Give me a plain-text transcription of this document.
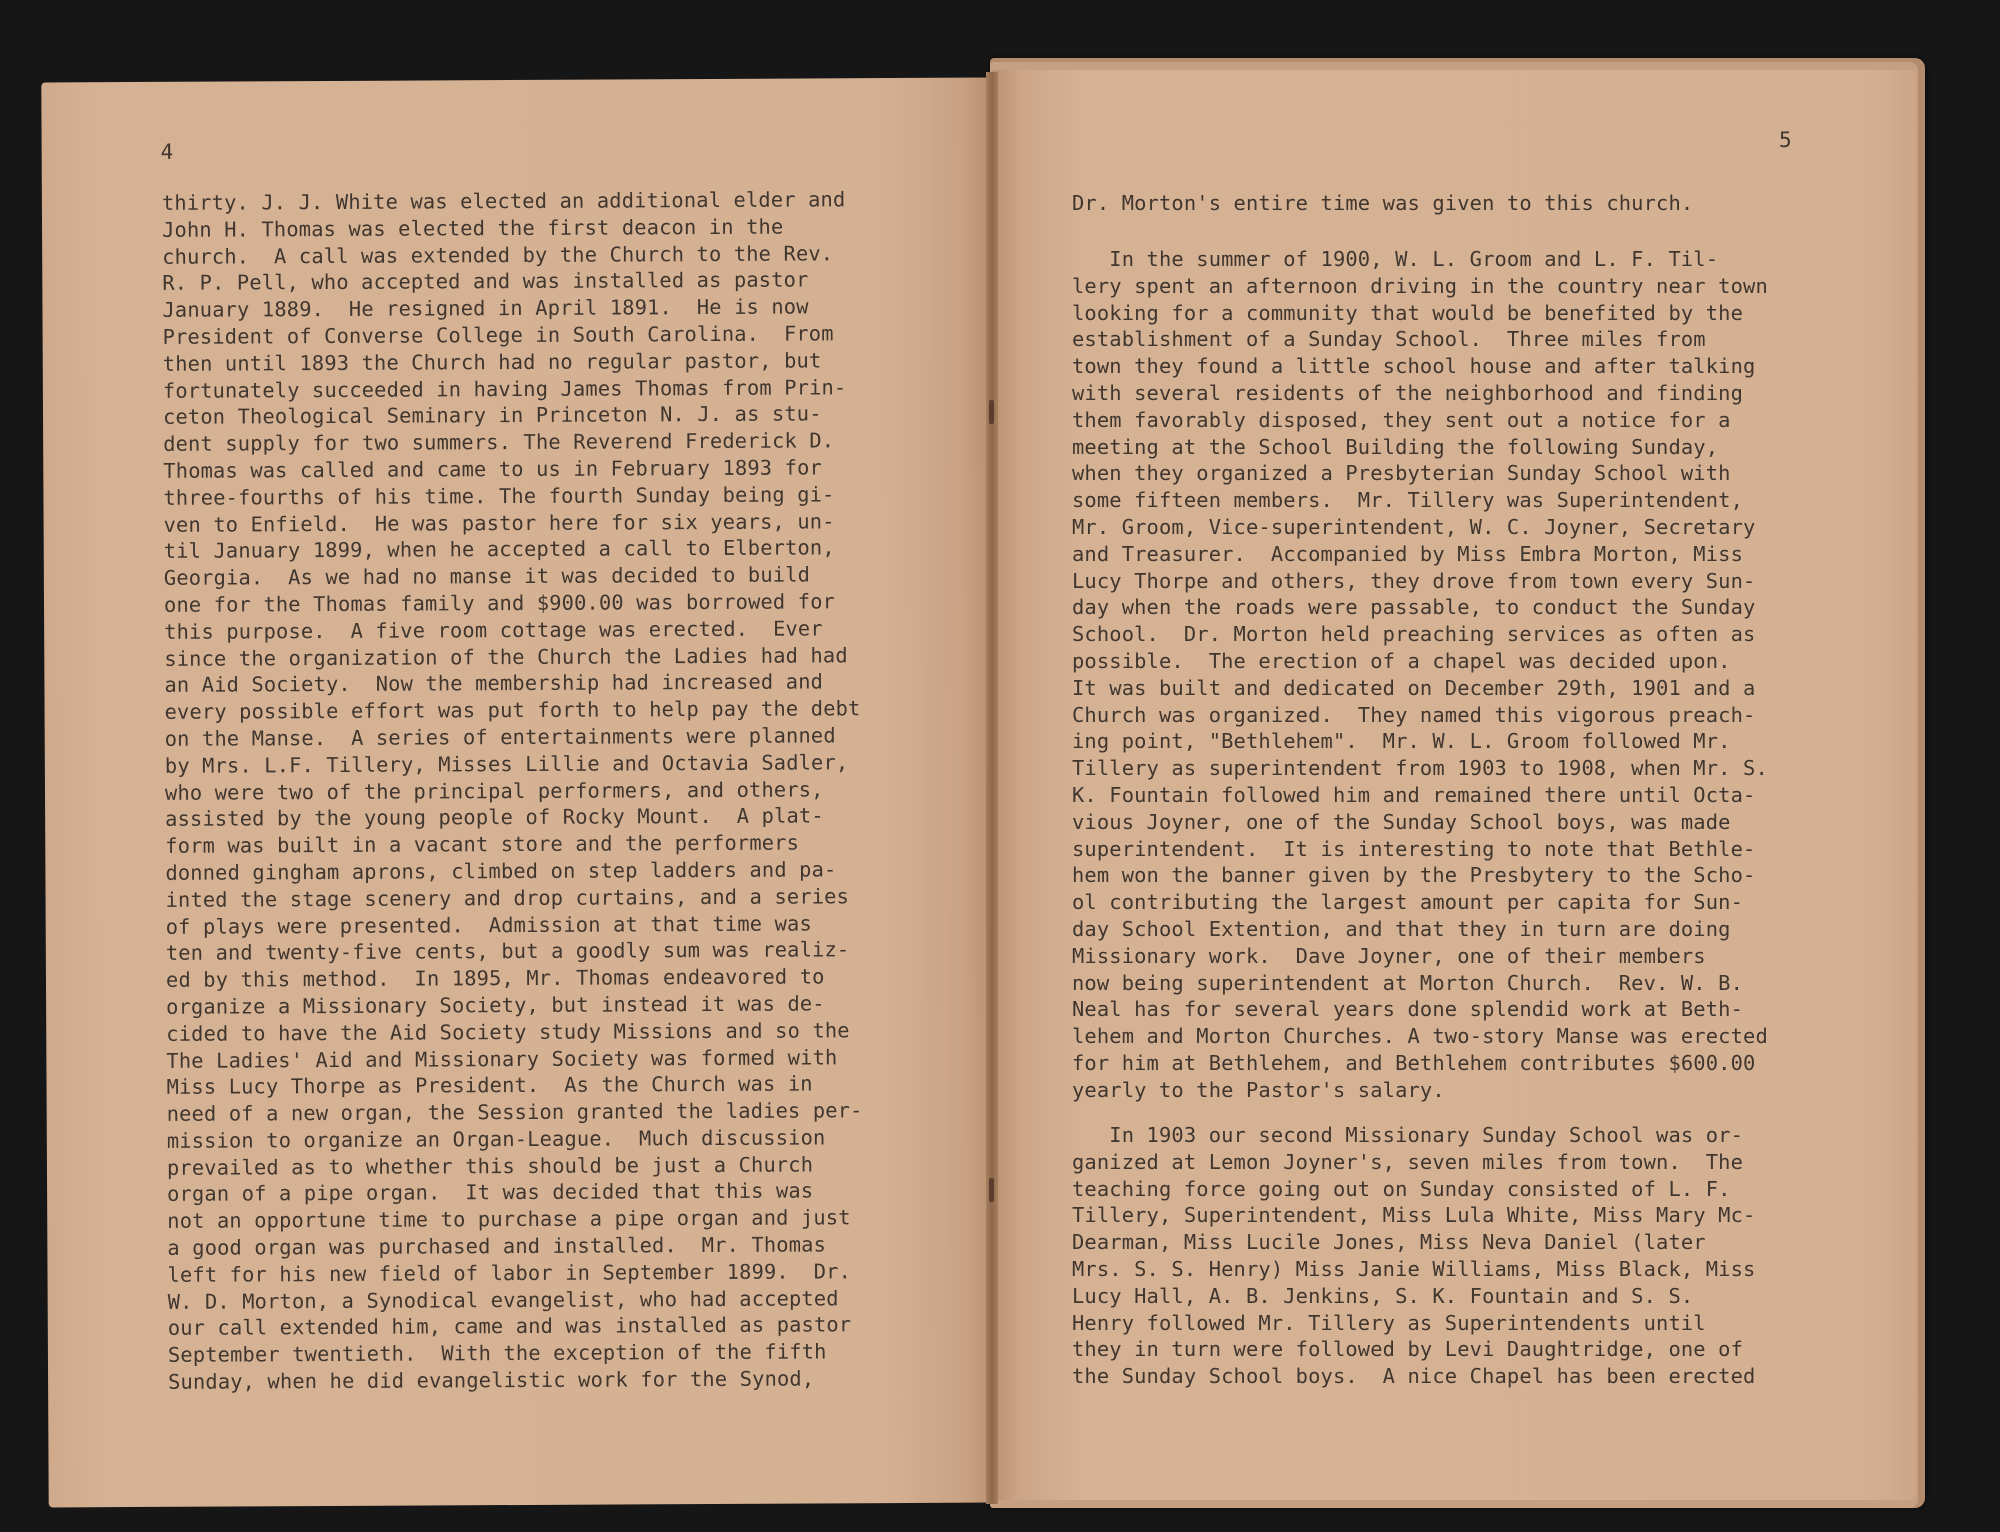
4
thirty. J. J. White was elected an additional elder and
John H. Thomas was elected the first deacon in the
church.  A call was extended by the Church to the Rev.
R. P. Pell, who accepted and was installed as pastor
January 1889.  He resigned in April 1891.  He is now
President of Converse College in South Carolina.  From
then until 1893 the Church had no regular pastor, but
fortunately succeeded in having James Thomas from Prin-
ceton Theological Seminary in Princeton N. J. as stu-
dent supply for two summers. The Reverend Frederick D.
Thomas was called and came to us in February 1893 for
three-fourths of his time. The fourth Sunday being gi-
ven to Enfield.  He was pastor here for six years, un-
til January 1899, when he accepted a call to Elberton,
Georgia.  As we had no manse it was decided to build
one for the Thomas family and $900.00 was borrowed for
this purpose.  A five room cottage was erected.  Ever
since the organization of the Church the Ladies had had
an Aid Society.  Now the membership had increased and
every possible effort was put forth to help pay the debt
on the Manse.  A series of entertainments were planned
by Mrs. L.F. Tillery, Misses Lillie and Octavia Sadler,
who were two of the principal performers, and others,
assisted by the young people of Rocky Mount.  A plat-
form was built in a vacant store and the performers
donned gingham aprons, climbed on step ladders and pa-
inted the stage scenery and drop curtains, and a series
of plays were presented.  Admission at that time was
ten and twenty-five cents, but a goodly sum was realiz-
ed by this method.  In 1895, Mr. Thomas endeavored to
organize a Missionary Society, but instead it was de-
cided to have the Aid Society study Missions and so the
The Ladies' Aid and Missionary Society was formed with
Miss Lucy Thorpe as President.  As the Church was in
need of a new organ, the Session granted the ladies per-
mission to organize an Organ-League.  Much discussion
prevailed as to whether this should be just a Church
organ of a pipe organ.  It was decided that this was
not an opportune time to purchase a pipe organ and just
a good organ was purchased and installed.  Mr. Thomas
left for his new field of labor in September 1899.  Dr.
W. D. Morton, a Synodical evangelist, who had accepted
our call extended him, came and was installed as pastor
September twentieth.  With the exception of the fifth
Sunday, when he did evangelistic work for the Synod,
5
Dr. Morton's entire time was given to this church.
In the summer of 1900, W. L. Groom and L. F. Til-
lery spent an afternoon driving in the country near town
looking for a community that would be benefited by the
establishment of a Sunday School.  Three miles from
town they found a little school house and after talking
with several residents of the neighborhood and finding
them favorably disposed, they sent out a notice for a
meeting at the School Building the following Sunday,
when they organized a Presbyterian Sunday School with
some fifteen members.  Mr. Tillery was Superintendent,
Mr. Groom, Vice-superintendent, W. C. Joyner, Secretary
and Treasurer.  Accompanied by Miss Embra Morton, Miss
Lucy Thorpe and others, they drove from town every Sun-
day when the roads were passable, to conduct the Sunday
School.  Dr. Morton held preaching services as often as
possible.  The erection of a chapel was decided upon.
It was built and dedicated on December 29th, 1901 and a
Church was organized.  They named this vigorous preach-
ing point, "Bethlehem".  Mr. W. L. Groom followed Mr.
Tillery as superintendent from 1903 to 1908, when Mr. S.
K. Fountain followed him and remained there until Octa-
vious Joyner, one of the Sunday School boys, was made
superintendent.  It is interesting to note that Bethle-
hem won the banner given by the Presbytery to the Scho-
ol contributing the largest amount per capita for Sun-
day School Extention, and that they in turn are doing
Missionary work.  Dave Joyner, one of their members
now being superintendent at Morton Church.  Rev. W. B.
Neal has for several years done splendid work at Beth-
lehem and Morton Churches. A two-story Manse was erected
for him at Bethlehem, and Bethlehem contributes $600.00
yearly to the Pastor's salary.
In 1903 our second Missionary Sunday School was or-
ganized at Lemon Joyner's, seven miles from town.  The
teaching force going out on Sunday consisted of L. F.
Tillery, Superintendent, Miss Lula White, Miss Mary Mc-
Dearman, Miss Lucile Jones, Miss Neva Daniel (later
Mrs. S. S. Henry) Miss Janie Williams, Miss Black, Miss
Lucy Hall, A. B. Jenkins, S. K. Fountain and S. S.
Henry followed Mr. Tillery as Superintendents until
they in turn were followed by Levi Daughtridge, one of
the Sunday School boys.  A nice Chapel has been erected
